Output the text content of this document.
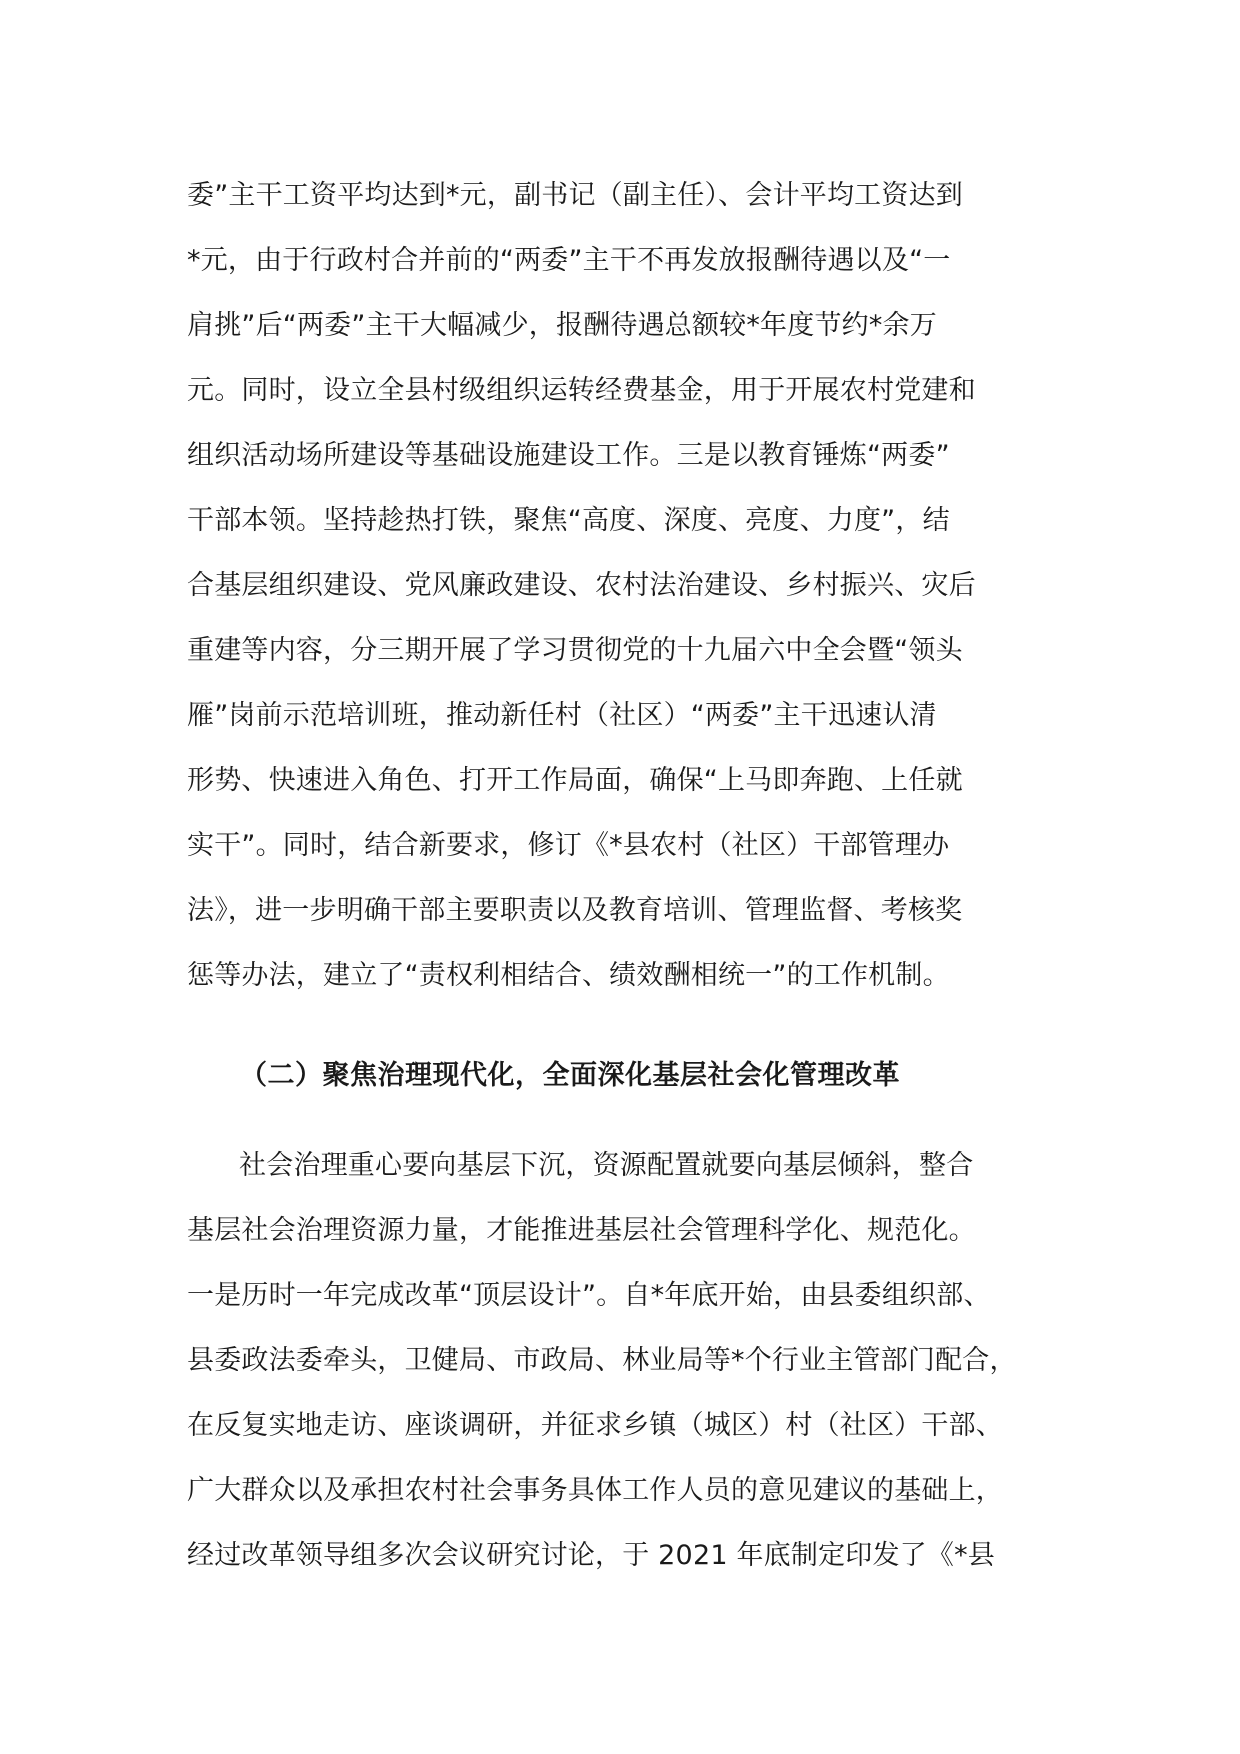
委”主干工资平均达到*元，副书记（副主任）、会计平均工资达到
*元，由于行政村合并前的“两委”主干不再发放报酬待遇以及“一
肩挑”后“两委”主干大幅减少，报酬待遇总额较*年度节约*余万
元。同时，设立全县村级组织运转经费基金，用于开展农村党建和
组织活动场所建设等基础设施建设工作。三是以教育锤炼“两委”
干部本领。坚持趁热打铁，聚焦“高度、深度、亮度、力度”，结
合基层组织建设、党风廉政建设、农村法治建设、乡村振兴、灾后
重建等内容，分三期开展了学习贯彻党的十九届六中全会暨“领头
雁”岗前示范培训班，推动新任村（社区）“两委”主干迅速认清
形势、快速进入角色、打开工作局面，确保“上马即奔跑、上任就
实干”。同时，结合新要求，修订《*县农村（社区）干部管理办
法》，进一步明确干部主要职责以及教育培训、管理监督、考核奖
惩等办法，建立了“责权利相结合、绩效酬相统一”的工作机制。
（二）聚焦治理现代化，全面深化基层社会化管理改革
社会治理重心要向基层下沉，资源配置就要向基层倾斜，整合
基层社会治理资源力量，才能推进基层社会管理科学化、规范化。
一是历时一年完成改革“顶层设计”。自*年底开始，由县委组织部、
县委政法委牵头，卫健局、市政局、林业局等*个行业主管部门配合，
在反复实地走访、座谈调研，并征求乡镇（城区）村（社区）干部、
广大群众以及承担农村社会事务具体工作人员的意见建议的基础上，
经过改革领导组多次会议研究讨论，于 2021 年底制定印发了《*县
